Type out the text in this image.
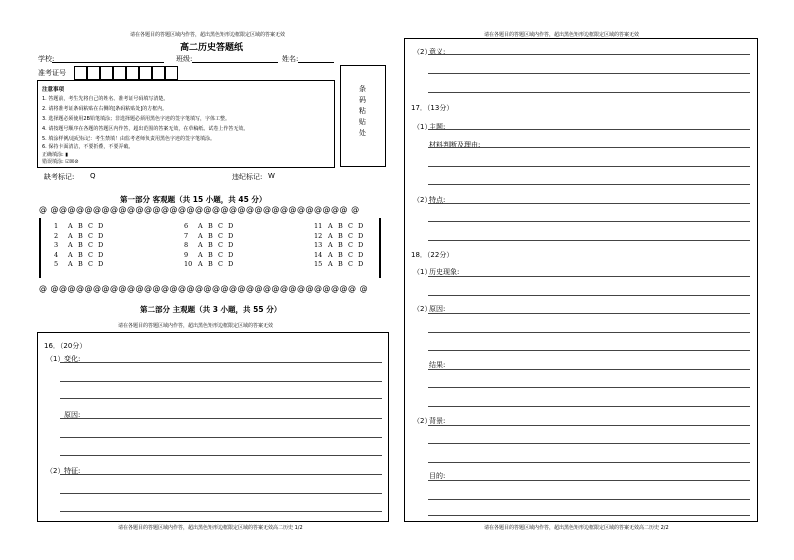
请在各题目的答题区域内作答，超出黑色矩形边框限定区域的答案无效
高二历史答题纸
学校:	班级:	姓名:
准考证号
条
码
粘
贴
处
注意事项
1. 答题前，考生先将自己的姓名、准考证号码填写清楚。
2. 请将准考证条码粘贴在右侧的[条码粘贴处]的方框内。
3. 选择题必须使用2B铅笔填涂；非选择题必须用黑色字迹的签字笔填写，字体工整。
4. 请按题号顺序在各题的答题区内作答，超出范围的答案无效，在草稿纸、试卷上作答无效。
5. 填涂样例/违纪标记：考生禁填！由监考老师负责用黑色字迹的签字笔填涂。
6. 保持卡面清洁，不要折叠，不要弄破。
正确填涂: ▮
错误填涂: ☑☒⊘
缺考标记: Q	违纪标记: W
第一部分 客观题（共 15 小题，共 45 分）
@ @@@@@@@@@@@@@@@@@@@@@@@@@@@@@@@@@@@ @
1 A B C D
2 A B C D
3 A B C D
4 A B C D
5 A B C D
6 A B C D
7 A B C D
8 A B C D
9 A B C D
10 A B C D
11 A B C D
12 A B C D
13 A B C D
14 A B C D
15 A B C D
@ @@@@@@@@@@@@@@@@@@@@@@@@@@@@@@@@@@@@ @
第二部分 主观题（共 3 小题，共 55 分）
请在各题目的答题区域内作答，超出黑色矩形边框限定区域的答案无效
16．（20分）
（1） 变化:
原因:
（2） 特征:
请在各题目的答题区域内作答，超出黑色矩形边框限定区域的答案无效高二历史 1/2
请在各题目的答题区域内作答，超出黑色矩形边框限定区域的答案无效
（2）
意义:
17．（13分）
（1）
主题:
材料判断及理由:
（2）
特点:
18．（22分）
（1）
历史现象:
（2）
原因:
结果:
（2）
背景:
目的:
请在各题目的答题区域内作答，超出黑色矩形边框限定区域的答案无效高二历史 2/2
